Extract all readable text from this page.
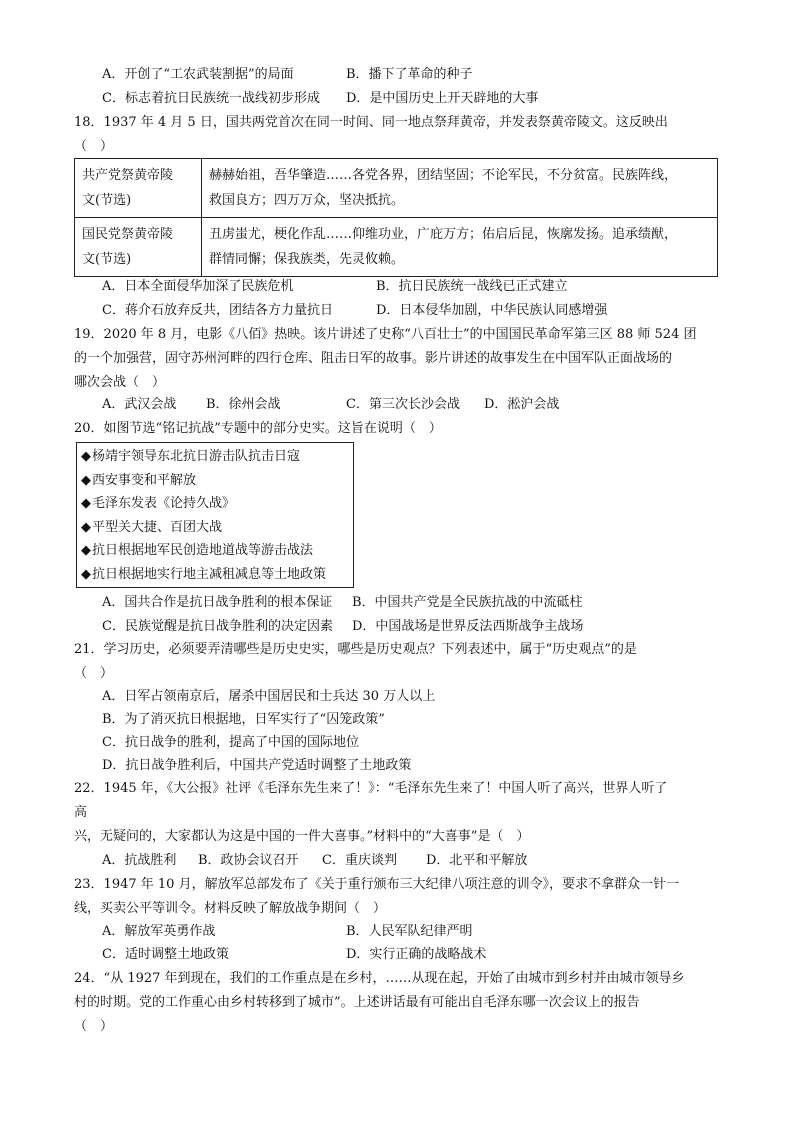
A．开创了“工农武装割据”的局面	B．播下了革命的种子
C．标志着抗日民族统一战线初步形成 D．是中国历史上开天辟地的大事
18．1937 年 4 月 5 日，国共两党首次在同一时间、同一地点祭拜黄帝，并发表祭黄帝陵文。这反映出
（　）
共产党祭黄帝陵
文(节选)	赫赫始祖，吾华肇造……各党各界，团结坚固；不论军民，不分贫富。民族阵线，
救国良方；四万万众，坚决抵抗。
国民党祭黄帝陵
文(节选)	丑虏蚩尤，梗化作乱……仰维功业，广庇万方；佑启后昆，恢廓发扬。追承绩猷，
群情同懈；保我族类，先灵攸赖。
A．日本全面侵华加深了民族危机	B．抗日民族统一战线已正式建立
C．蒋介石放弃反共，团结各方力量抗日	D．日本侵华加剧，中华民族认同感增强
19．2020 年 8 月，电影《八佰》热映。该片讲述了史称“八百壮士”的中国国民革命军第三区 88 师 524 团
的一个加强营，固守苏州河畔的四行仓库、阻击日军的故事。影片讲述的故事发生在中国军队正面战场的
哪次会战（　）
A．武汉会战 B．徐州会战	C．第三次长沙会战 D．淞沪会战
20．如图节选“铭记抗战”专题中的部分史实。这旨在说明（　）
◆杨靖宇领导东北抗日游击队抗击日寇
◆西安事变和平解放
◆毛泽东发表《论持久战》
◆平型关大捷、百团大战
◆抗日根据地军民创造地道战等游击战法
◆抗日根据地实行地主减租减息等土地政策
A．国共合作是抗日战争胜利的根本保证 B．中国共产党是全民族抗战的中流砥柱
C．民族觉醒是抗日战争胜利的决定因素 D．中国战场是世界反法西斯战争主战场
21．学习历史，必须要弄清哪些是历史史实，哪些是历史观点？下列表述中，属于“历史观点”的是
（　）
A．日军占领南京后，屠杀中国居民和士兵达 30 万人以上
B．为了消灭抗日根据地，日军实行了“囚笼政策”
C．抗日战争的胜利，提高了中国的国际地位
D．抗日战争胜利后，中国共产党适时调整了土地政策
22．1945 年，《大公报》社评《毛泽东先生来了！》：“毛泽东先生来了！中国人听了高兴，世界人听了
高
兴，无疑问的，大家都认为这是中国的一件大喜事。”材料中的“大喜事”是（　）
A．抗战胜利 B．政协会议召开 C．重庆谈判 D．北平和平解放
23．1947 年 10 月，解放军总部发布了《关于重行颁布三大纪律八项注意的训令》，要求不拿群众一针一
线，买卖公平等训令。材料反映了解放战争期间（　）
A．解放军英勇作战	B．人民军队纪律严明
C．适时调整土地政策	D．实行正确的战略战术
24．“从 1927 年到现在，我们的工作重点是在乡村，……从现在起，开始了由城市到乡村并由城市领导乡
村的时期。党的工作重心由乡村转移到了城市”。上述讲话最有可能出自毛泽东哪一次会议上的报告
（　）
